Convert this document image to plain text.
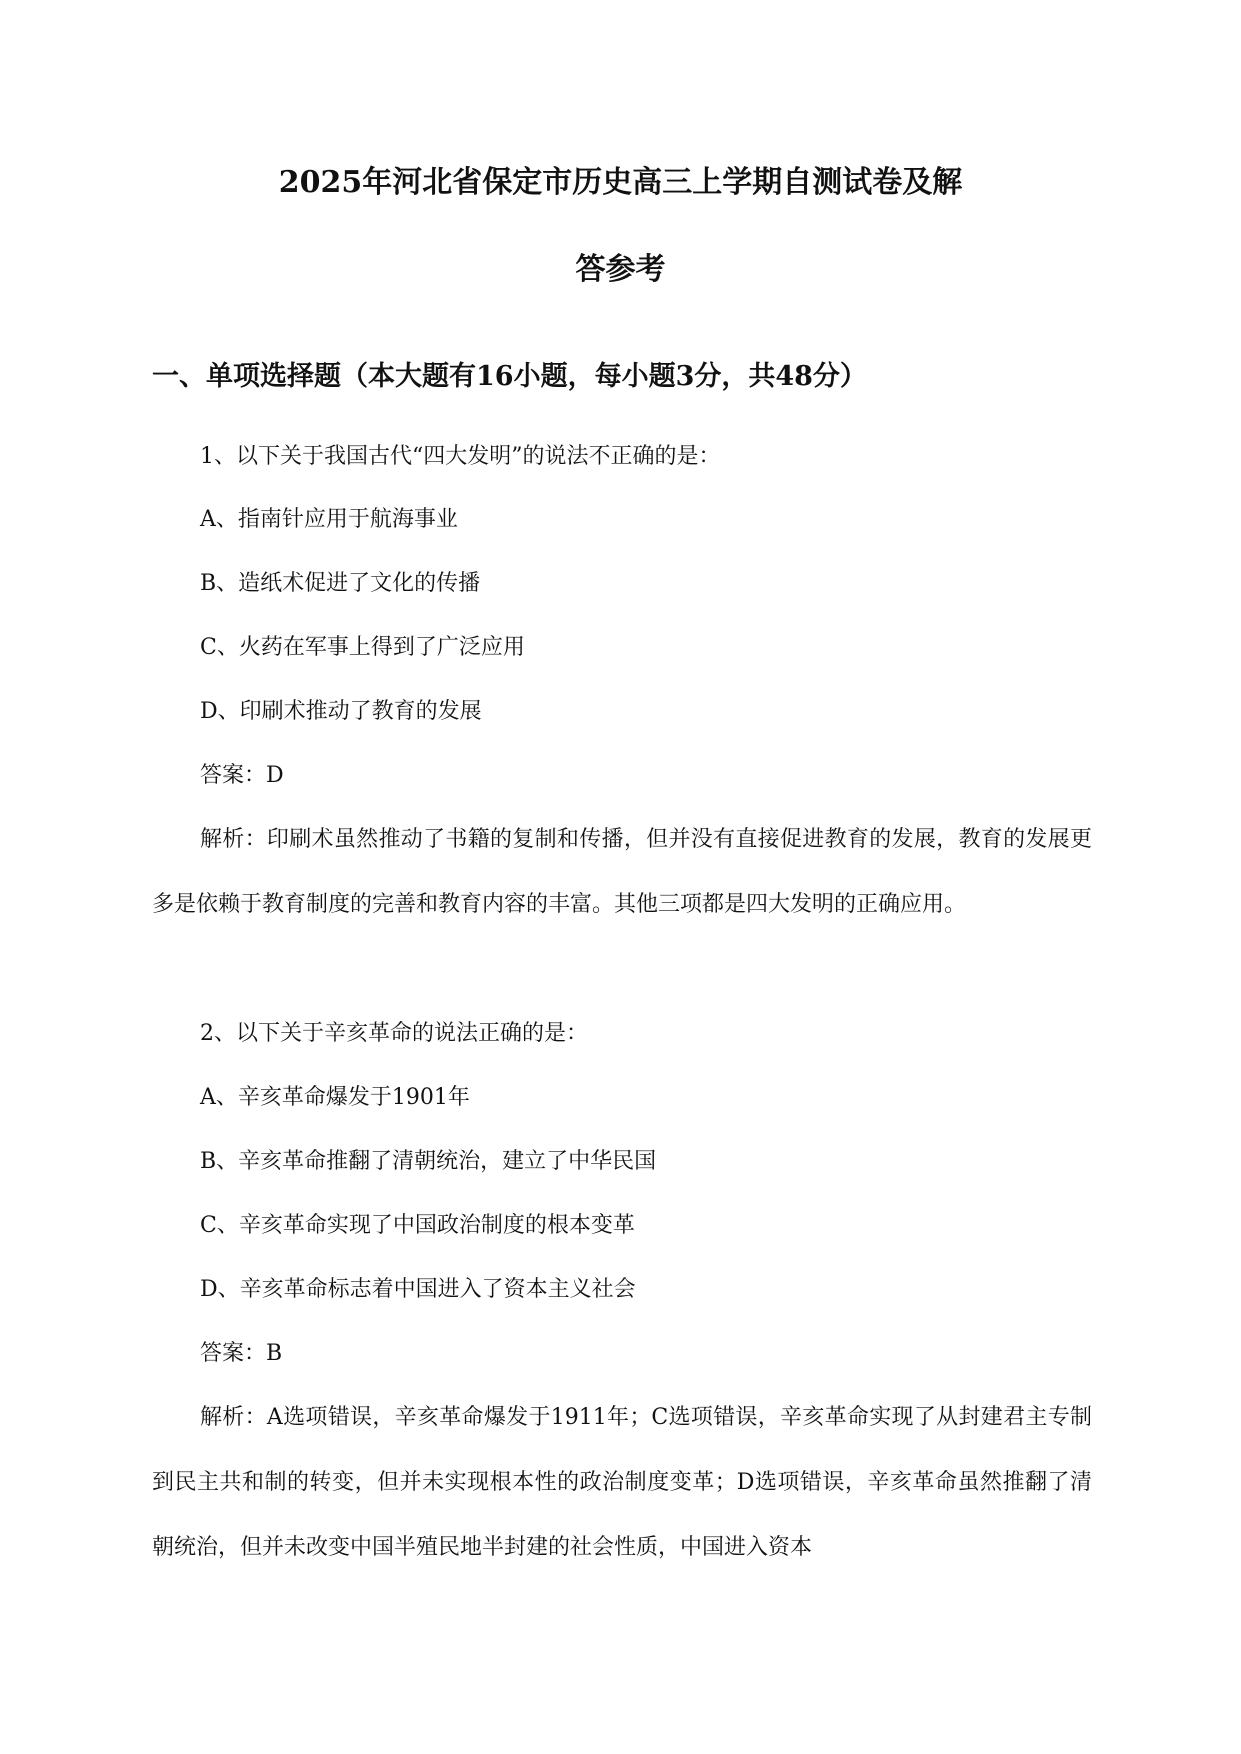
2025年河北省保定市历史高三上学期自测试卷及解
答参考
一、单项选择题（本大题有16小题，每小题3分，共48分）
1、以下关于我国古代“四大发明”的说法不正确的是：
A、指南针应用于航海事业
B、造纸术促进了文化的传播
C、火药在军事上得到了广泛应用
D、印刷术推动了教育的发展
答案：D
解析：印刷术虽然推动了书籍的复制和传播，但并没有直接促进教育的发展，教育的发展更多是依赖于教育制度的完善和教育内容的丰富。其他三项都是四大发明的正确应用。
2、以下关于辛亥革命的说法正确的是：
A、辛亥革命爆发于1901年
B、辛亥革命推翻了清朝统治，建立了中华民国
C、辛亥革命实现了中国政治制度的根本变革
D、辛亥革命标志着中国进入了资本主义社会
答案：B
解析：A选项错误，辛亥革命爆发于1911年；C选项错误，辛亥革命实现了从封建君主专制到民主共和制的转变，但并未实现根本性的政治制度变革；D选项错误，辛亥革命虽然推翻了清朝统治，但并未改变中国半殖民地半封建的社会性质，中国进入资本
